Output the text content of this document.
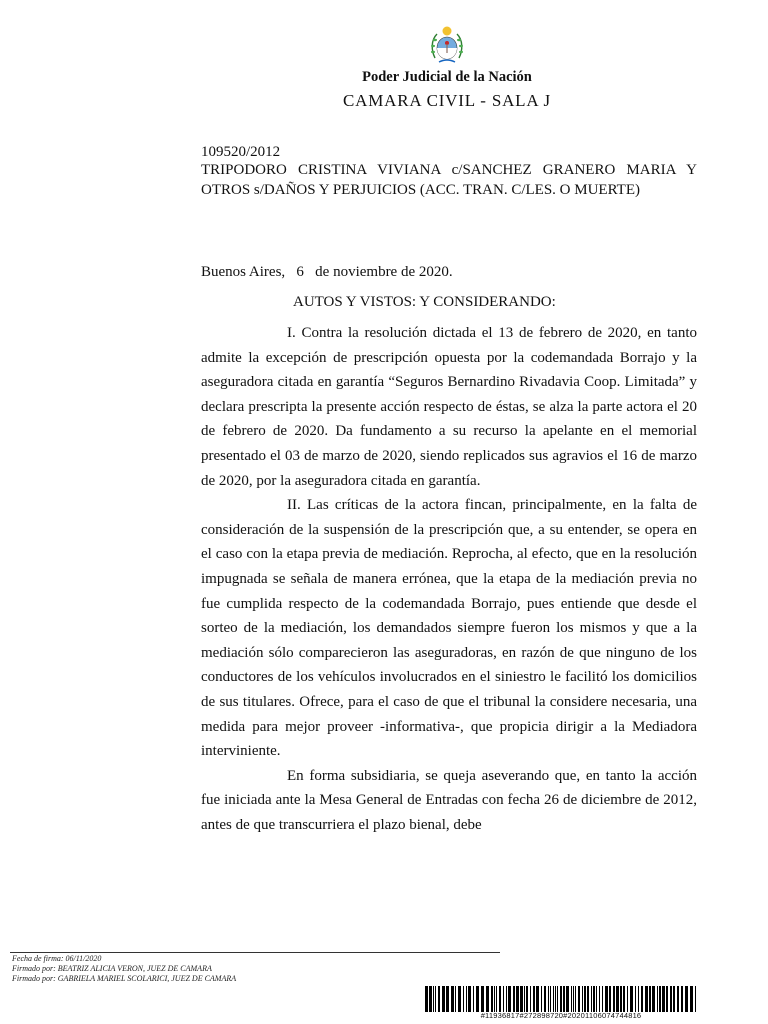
Poder Judicial de la Nación
CAMARA CIVIL - SALA J
109520/2012
TRIPODORO CRISTINA VIVIANA c/SANCHEZ GRANERO MARIA Y OTROS s/DAÑOS Y PERJUICIOS (ACC. TRAN. C/LES. O MUERTE)
Buenos Aires,   6   de noviembre de 2020.
AUTOS Y VISTOS: Y CONSIDERANDO:

I. Contra la resolución dictada el 13 de febrero de 2020, en tanto admite la excepción de prescripción opuesta por la codemandada Borrajo y la aseguradora citada en garantía “Seguros Bernardino Rivadavia Coop. Limitada” y declara prescripta la presente acción respecto de éstas, se alza la parte actora el 20 de febrero de 2020. Da fundamento a su recurso la apelante en el memorial presentado el 03 de marzo de 2020, siendo replicados sus agravios el 16 de marzo de 2020, por la aseguradora citada en garantía.

II. Las críticas de la actora fincan, principalmente, en la falta de consideración de la suspensión de la prescripción que, a su entender, se opera en el caso con la etapa previa de mediación. Reprocha, al efecto, que en la resolución impugnada se señala de manera errónea, que la etapa de la mediación previa no fue cumplida respecto de la codemandada Borrajo, pues entiende que desde el sorteo de la mediación, los demandados siempre fueron los mismos y que a la mediación sólo comparecieron las aseguradoras, en razón de que ninguno de los conductores de los vehículos involucrados en el siniestro le facilitó los domicilios de sus titulares. Ofrece, para el caso de que el tribunal la considere necesaria, una medida para mejor proveer -informativa-, que propicia dirigir a la Mediadora interviniente.

En forma subsidiaria, se queja aseverando que, en tanto la acción fue iniciada ante la Mesa General de Entradas con fecha 26 de diciembre de 2012, antes de que transcurriera el plazo bienal, debe

Fecha de firma: 06/11/2020
Firmado por: BEATRIZ ALICIA VERON, JUEZ DE CAMARA
Firmado por: GABRIELA MARIEL SCOLARICI, JUEZ DE CAMARA
#11936817#272898720#20201106074744816
